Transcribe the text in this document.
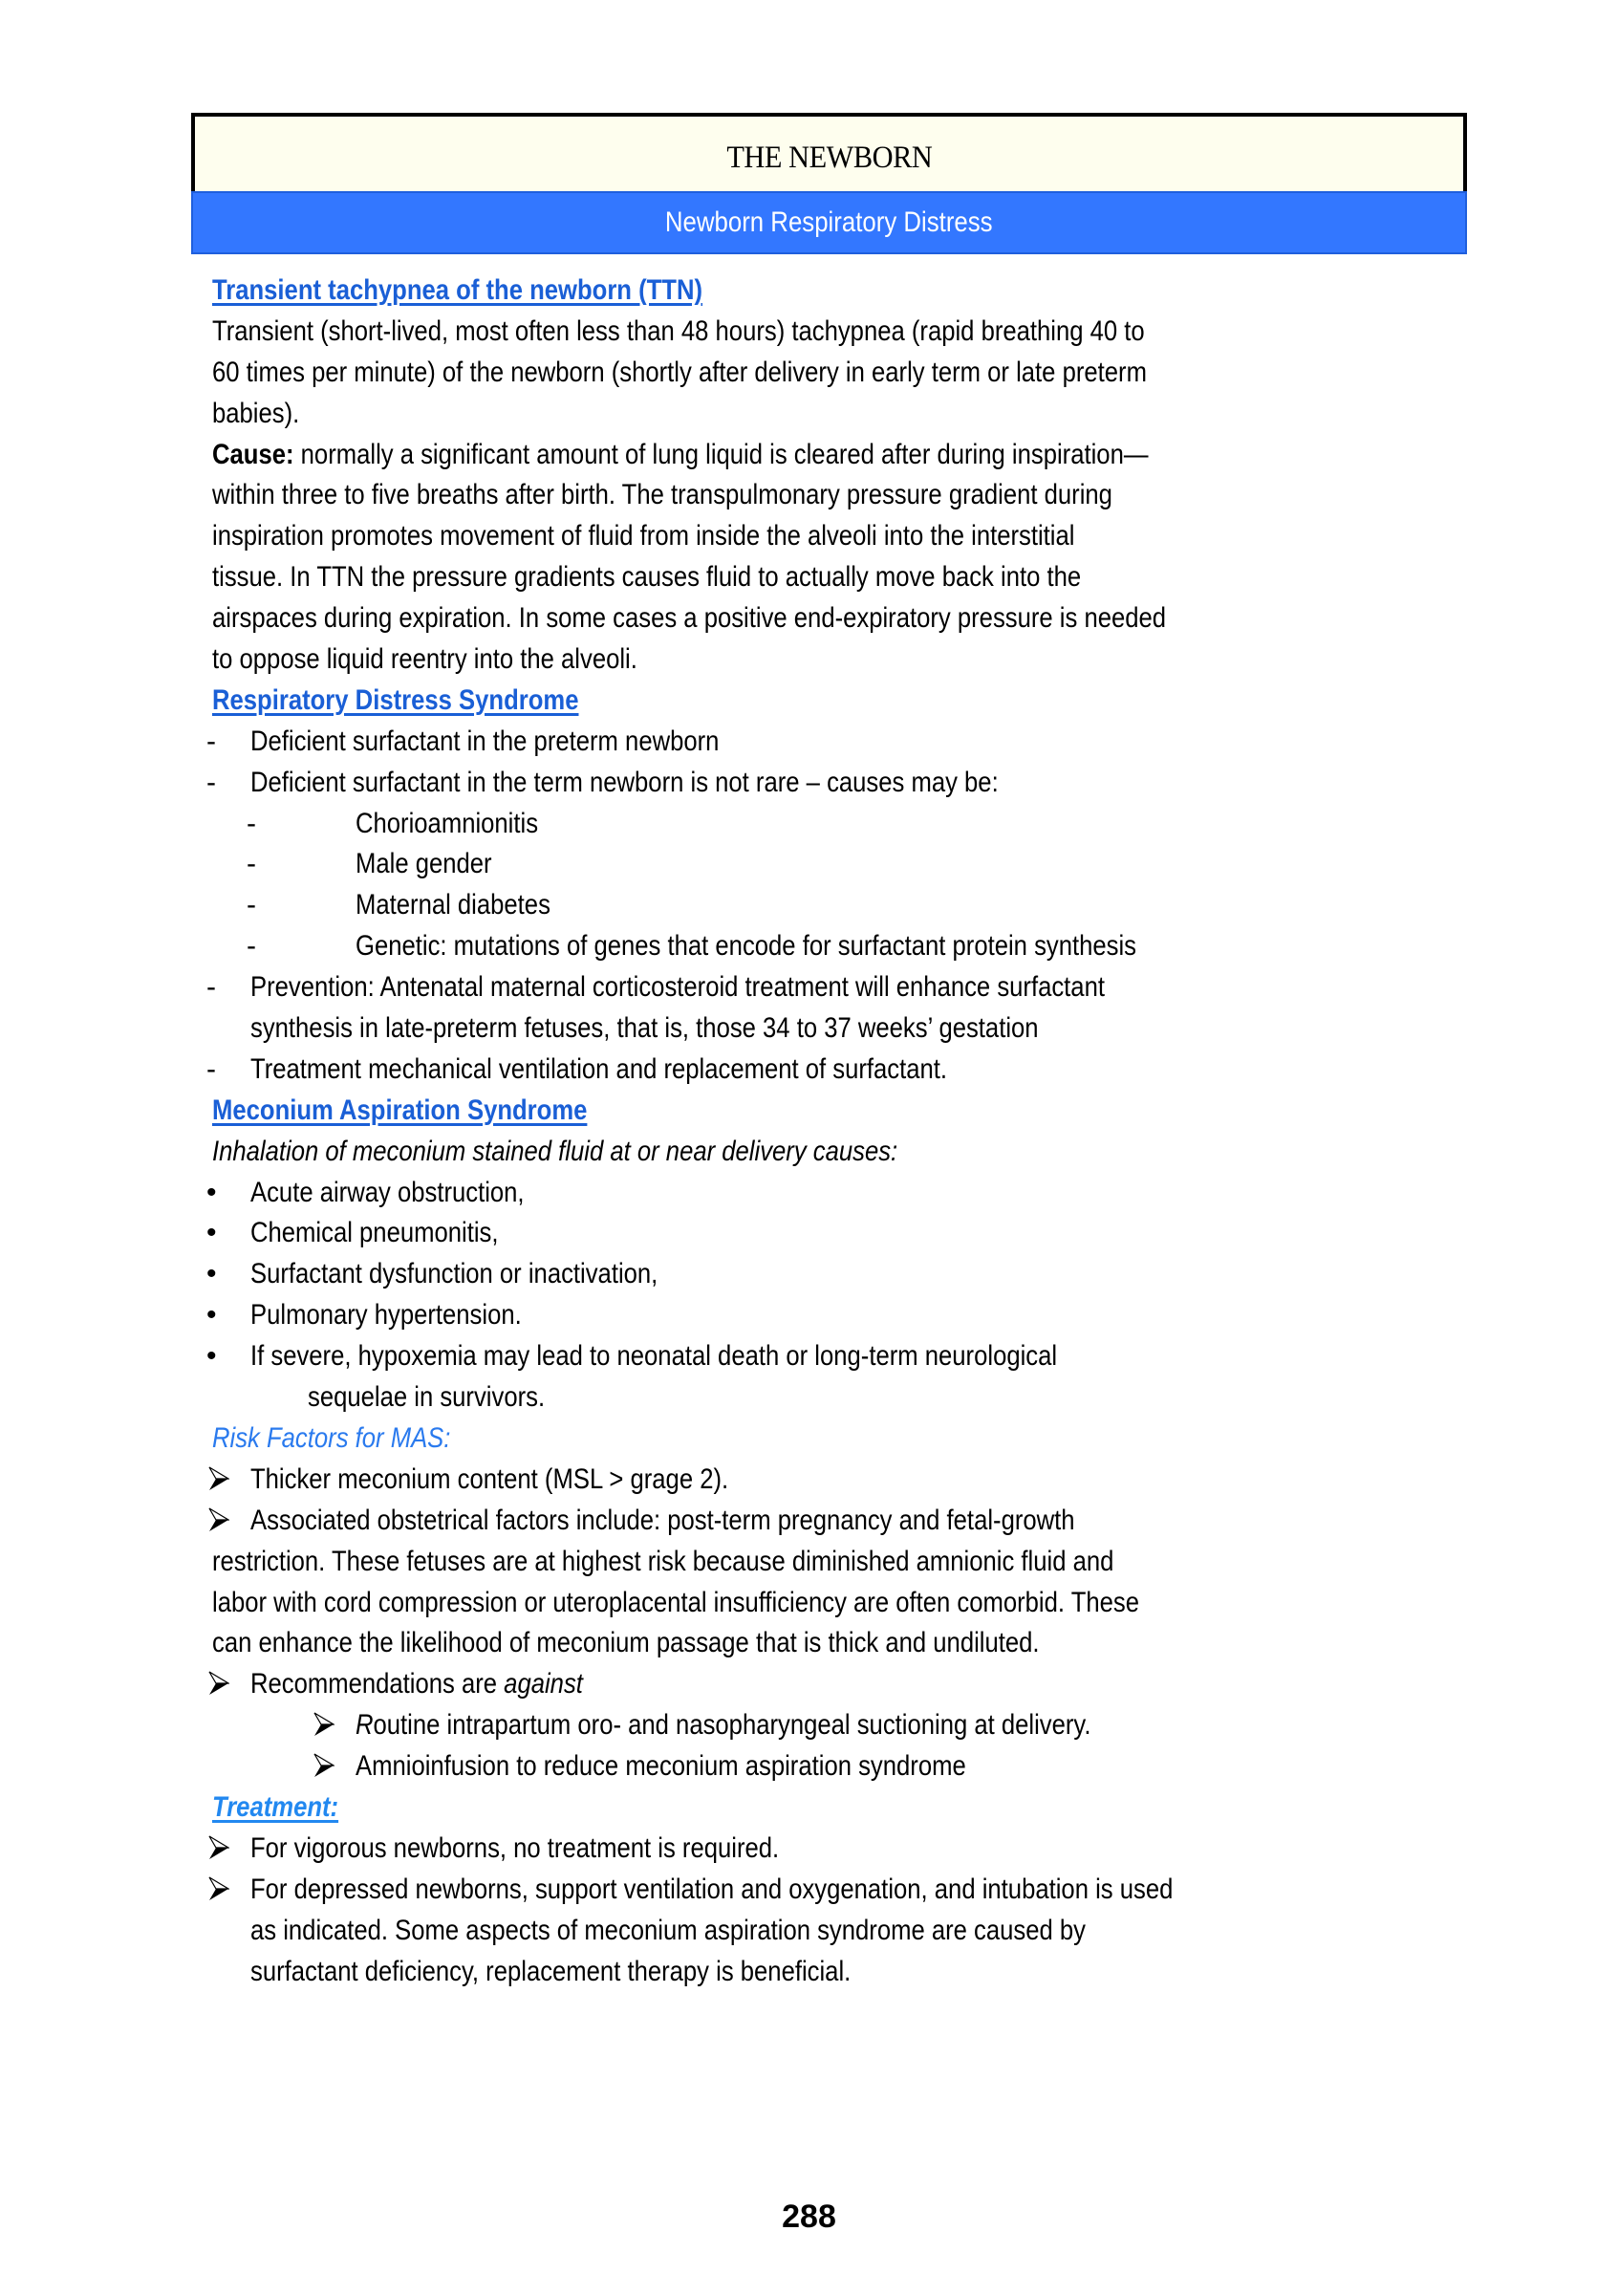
THE NEWBORN
Newborn Respiratory Distress
Transient tachypnea of the newborn (TTN)
Transient (short-lived, most often less than 48 hours) tachypnea (rapid breathing 40 to
60 times per minute) of the newborn (shortly after delivery in early term or late preterm
babies).
Cause: normally a significant amount of lung liquid is cleared after during inspiration—
within three to five breaths after birth. The transpulmonary pressure gradient during
inspiration promotes movement of fluid from inside the alveoli into the interstitial
tissue. In TTN the pressure gradients causes fluid to actually move back into the
airspaces during expiration. In some cases a positive end-expiratory pressure is needed
to oppose liquid reentry into the alveoli.
Respiratory Distress Syndrome
- Deficient surfactant in the preterm newborn
- Deficient surfactant in the term newborn is not rare – causes may be:
-	Chorioamnionitis
-	Male gender
-	Maternal diabetes
-	Genetic: mutations of genes that encode for surfactant protein synthesis
- Prevention: Antenatal maternal corticosteroid treatment will enhance surfactant
synthesis in late-preterm fetuses, that is, those 34 to 37 weeks’ gestation
- Treatment mechanical ventilation and replacement of surfactant.
Meconium Aspiration Syndrome
Inhalation of meconium stained fluid at or near delivery causes:
• Acute airway obstruction,
• Chemical pneumonitis,
• Surfactant dysfunction or inactivation,
• Pulmonary hypertension.
• If severe, hypoxemia may lead to neonatal death or long-term neurological
sequelae in survivors.
Risk Factors for MAS:
Thicker meconium content (MSL > grage 2).
Associated obstetrical factors include: post-term pregnancy and fetal-growth
restriction. These fetuses are at highest risk because diminished amnionic fluid and
labor with cord compression or uteroplacental insufficiency are often comorbid. These
can enhance the likelihood of meconium passage that is thick and undiluted.
Recommendations are against
Routine intrapartum oro- and nasopharyngeal suctioning at delivery.
Amnioinfusion to reduce meconium aspiration syndrome
Treatment:
For vigorous newborns, no treatment is required.
For depressed newborns, support ventilation and oxygenation, and intubation is used
as indicated. Some aspects of meconium aspiration syndrome are caused by
surfactant deficiency, replacement therapy is beneficial.
288
